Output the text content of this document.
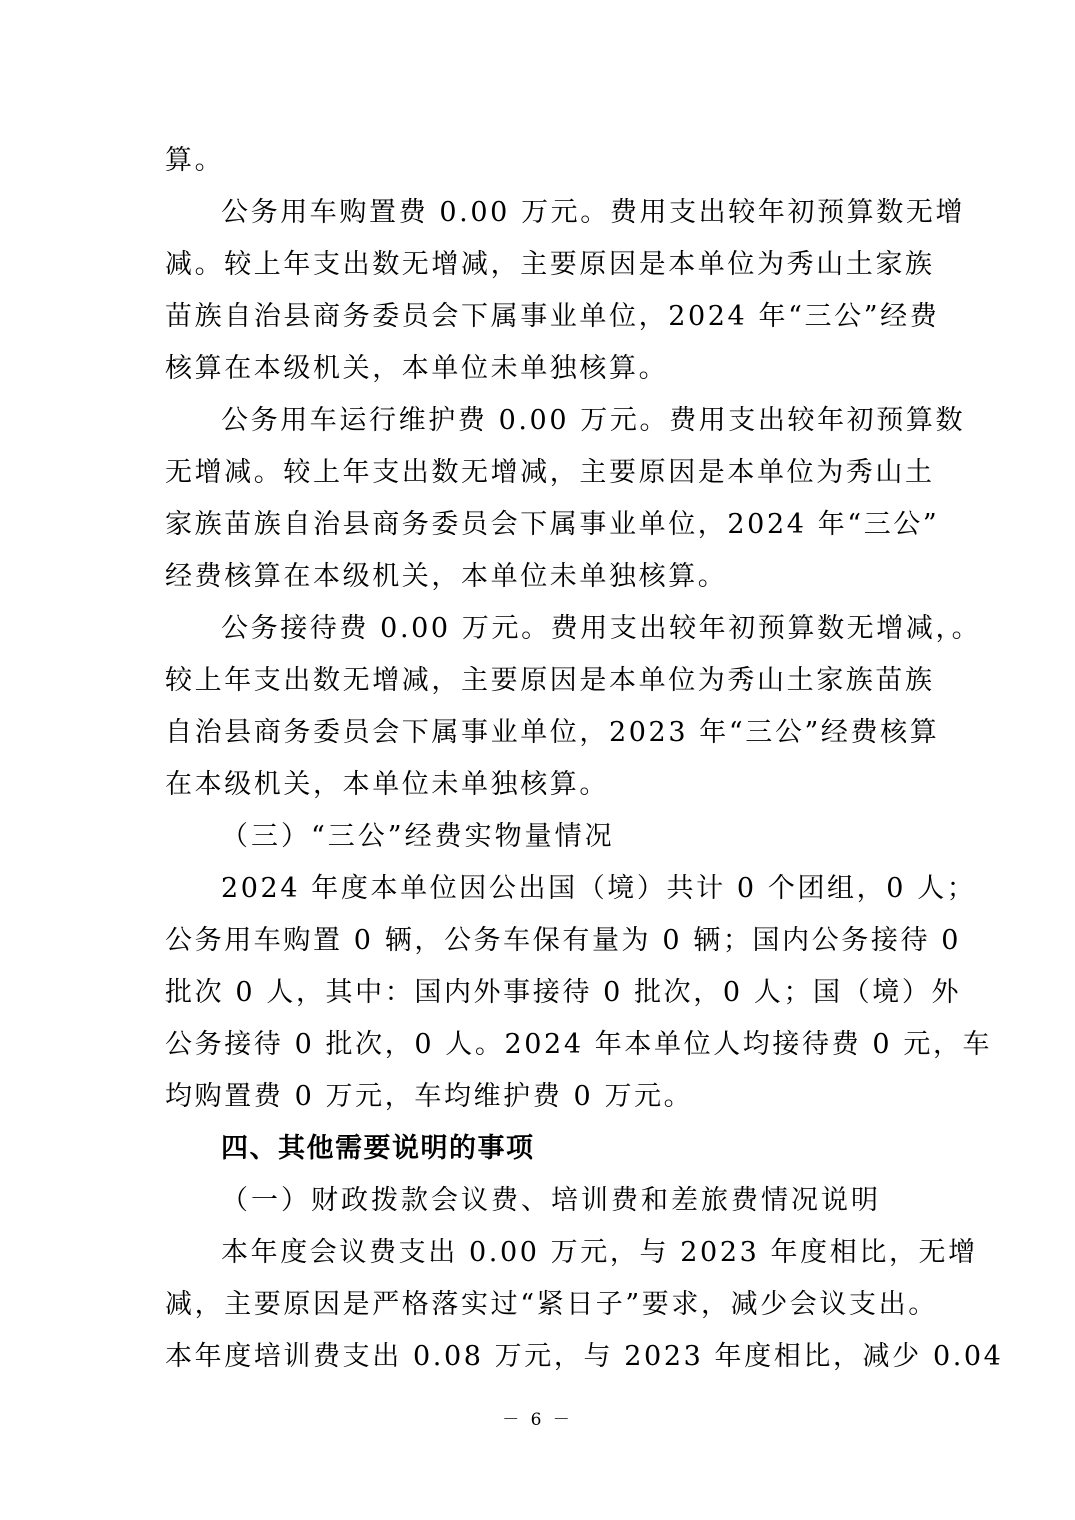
算。
公务用车购置费 0.00 万元。费用支出较年初预算数无增
减。较上年支出数无增减，主要原因是本单位为秀山土家族
苗族自治县商务委员会下属事业单位，2024 年“三公”经费
核算在本级机关，本单位未单独核算。
公务用车运行维护费 0.00 万元。费用支出较年初预算数
无增减。较上年支出数无增减，主要原因是本单位为秀山土
家族苗族自治县商务委员会下属事业单位，2024 年“三公”
经费核算在本级机关，本单位未单独核算。
公务接待费 0.00 万元。费用支出较年初预算数无增减，。
较上年支出数无增减，主要原因是本单位为秀山土家族苗族
自治县商务委员会下属事业单位，2023 年“三公”经费核算
在本级机关，本单位未单独核算。
（三）“三公”经费实物量情况
2024 年度本单位因公出国（境）共计 0 个团组，0 人；
公务用车购置 0 辆，公务车保有量为 0 辆；国内公务接待 0
批次 0 人，其中：国内外事接待 0 批次，0 人；国（境）外
公务接待 0 批次，0 人。2024 年本单位人均接待费 0 元，车
均购置费 0 万元，车均维护费 0 万元。
四、其他需要说明的事项
（一）财政拨款会议费、培训费和差旅费情况说明
本年度会议费支出 0.00 万元，与 2023 年度相比，无增
减，主要原因是严格落实过“紧日子”要求，减少会议支出。
本年度培训费支出 0.08 万元，与 2023 年度相比，减少 0.04
－ 6 －
